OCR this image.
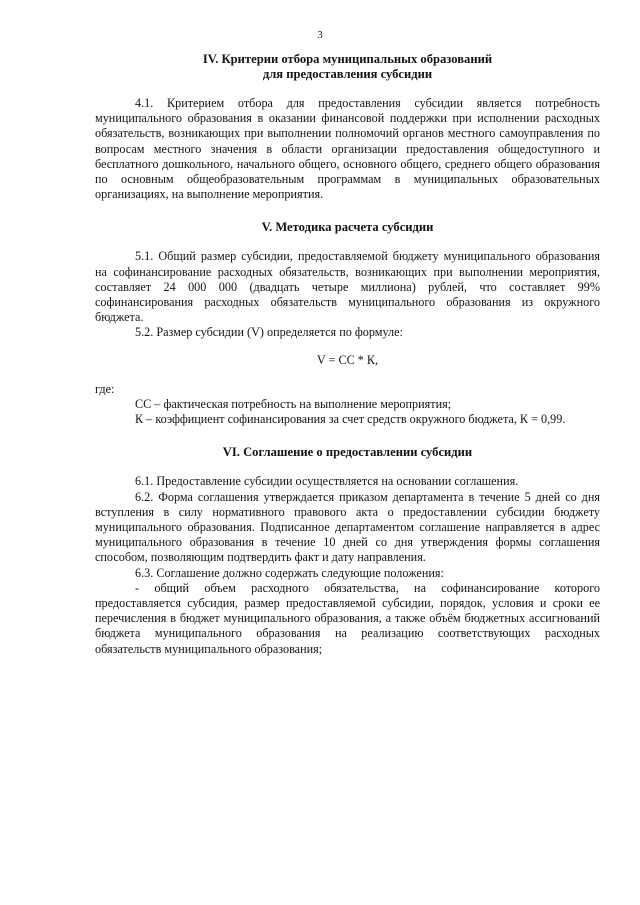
3

IV. Критерии отбора муниципальных образований

для предоставления субсидии

4.1. Критерием отбора для предоставления субсидии является потребность муниципального образования в оказании финансовой поддержки при исполнении расходных обязательств, возникающих при выполнении полномочий органов местного самоуправления по вопросам местного значения в области организации предоставления общедоступного и бесплатного дошкольного, начального общего, основного общего, среднего общего образования по основным общеобразовательным программам в муниципальных образовательных организациях, на выполнение мероприятия.

V. Методика расчета субсидии

5.1. Общий размер субсидии, предоставляемой бюджету муниципального образования на софинансирование расходных обязательств, возникающих при выполнении мероприятия, составляет 24 000 000 (двадцать четыре миллиона) рублей, что составляет 99% софинансирования расходных обязательств муниципального образования из окружного бюджета.

5.2. Размер субсидии (V) определяется по формуле:

V = СС * К,

где:

СС – фактическая потребность на выполнение мероприятия;

К – коэффициент софинансирования за счет средств окружного бюджета, К = 0,99.

VI. Соглашение о предоставлении субсидии

6.1. Предоставление субсидии осуществляется на основании соглашения.

6.2. Форма соглашения утверждается приказом департамента в течение 5 дней со дня вступления в силу нормативного правового акта о предоставлении субсидии бюджету муниципального образования. Подписанное департаментом соглашение направляется в адрес муниципального образования в течение 10 дней со дня утверждения формы соглашения способом, позволяющим подтвердить факт и дату направления.

6.3. Соглашение должно содержать следующие положения:

- общий объем расходного обязательства, на софинансирование которого предоставляется субсидия, размер предоставляемой субсидии, порядок, условия и сроки ее перечисления в бюджет муниципального образования, а также объём бюджетных ассигнований бюджета муниципального образования на реализацию соответствующих расходных обязательств муниципального образования;
